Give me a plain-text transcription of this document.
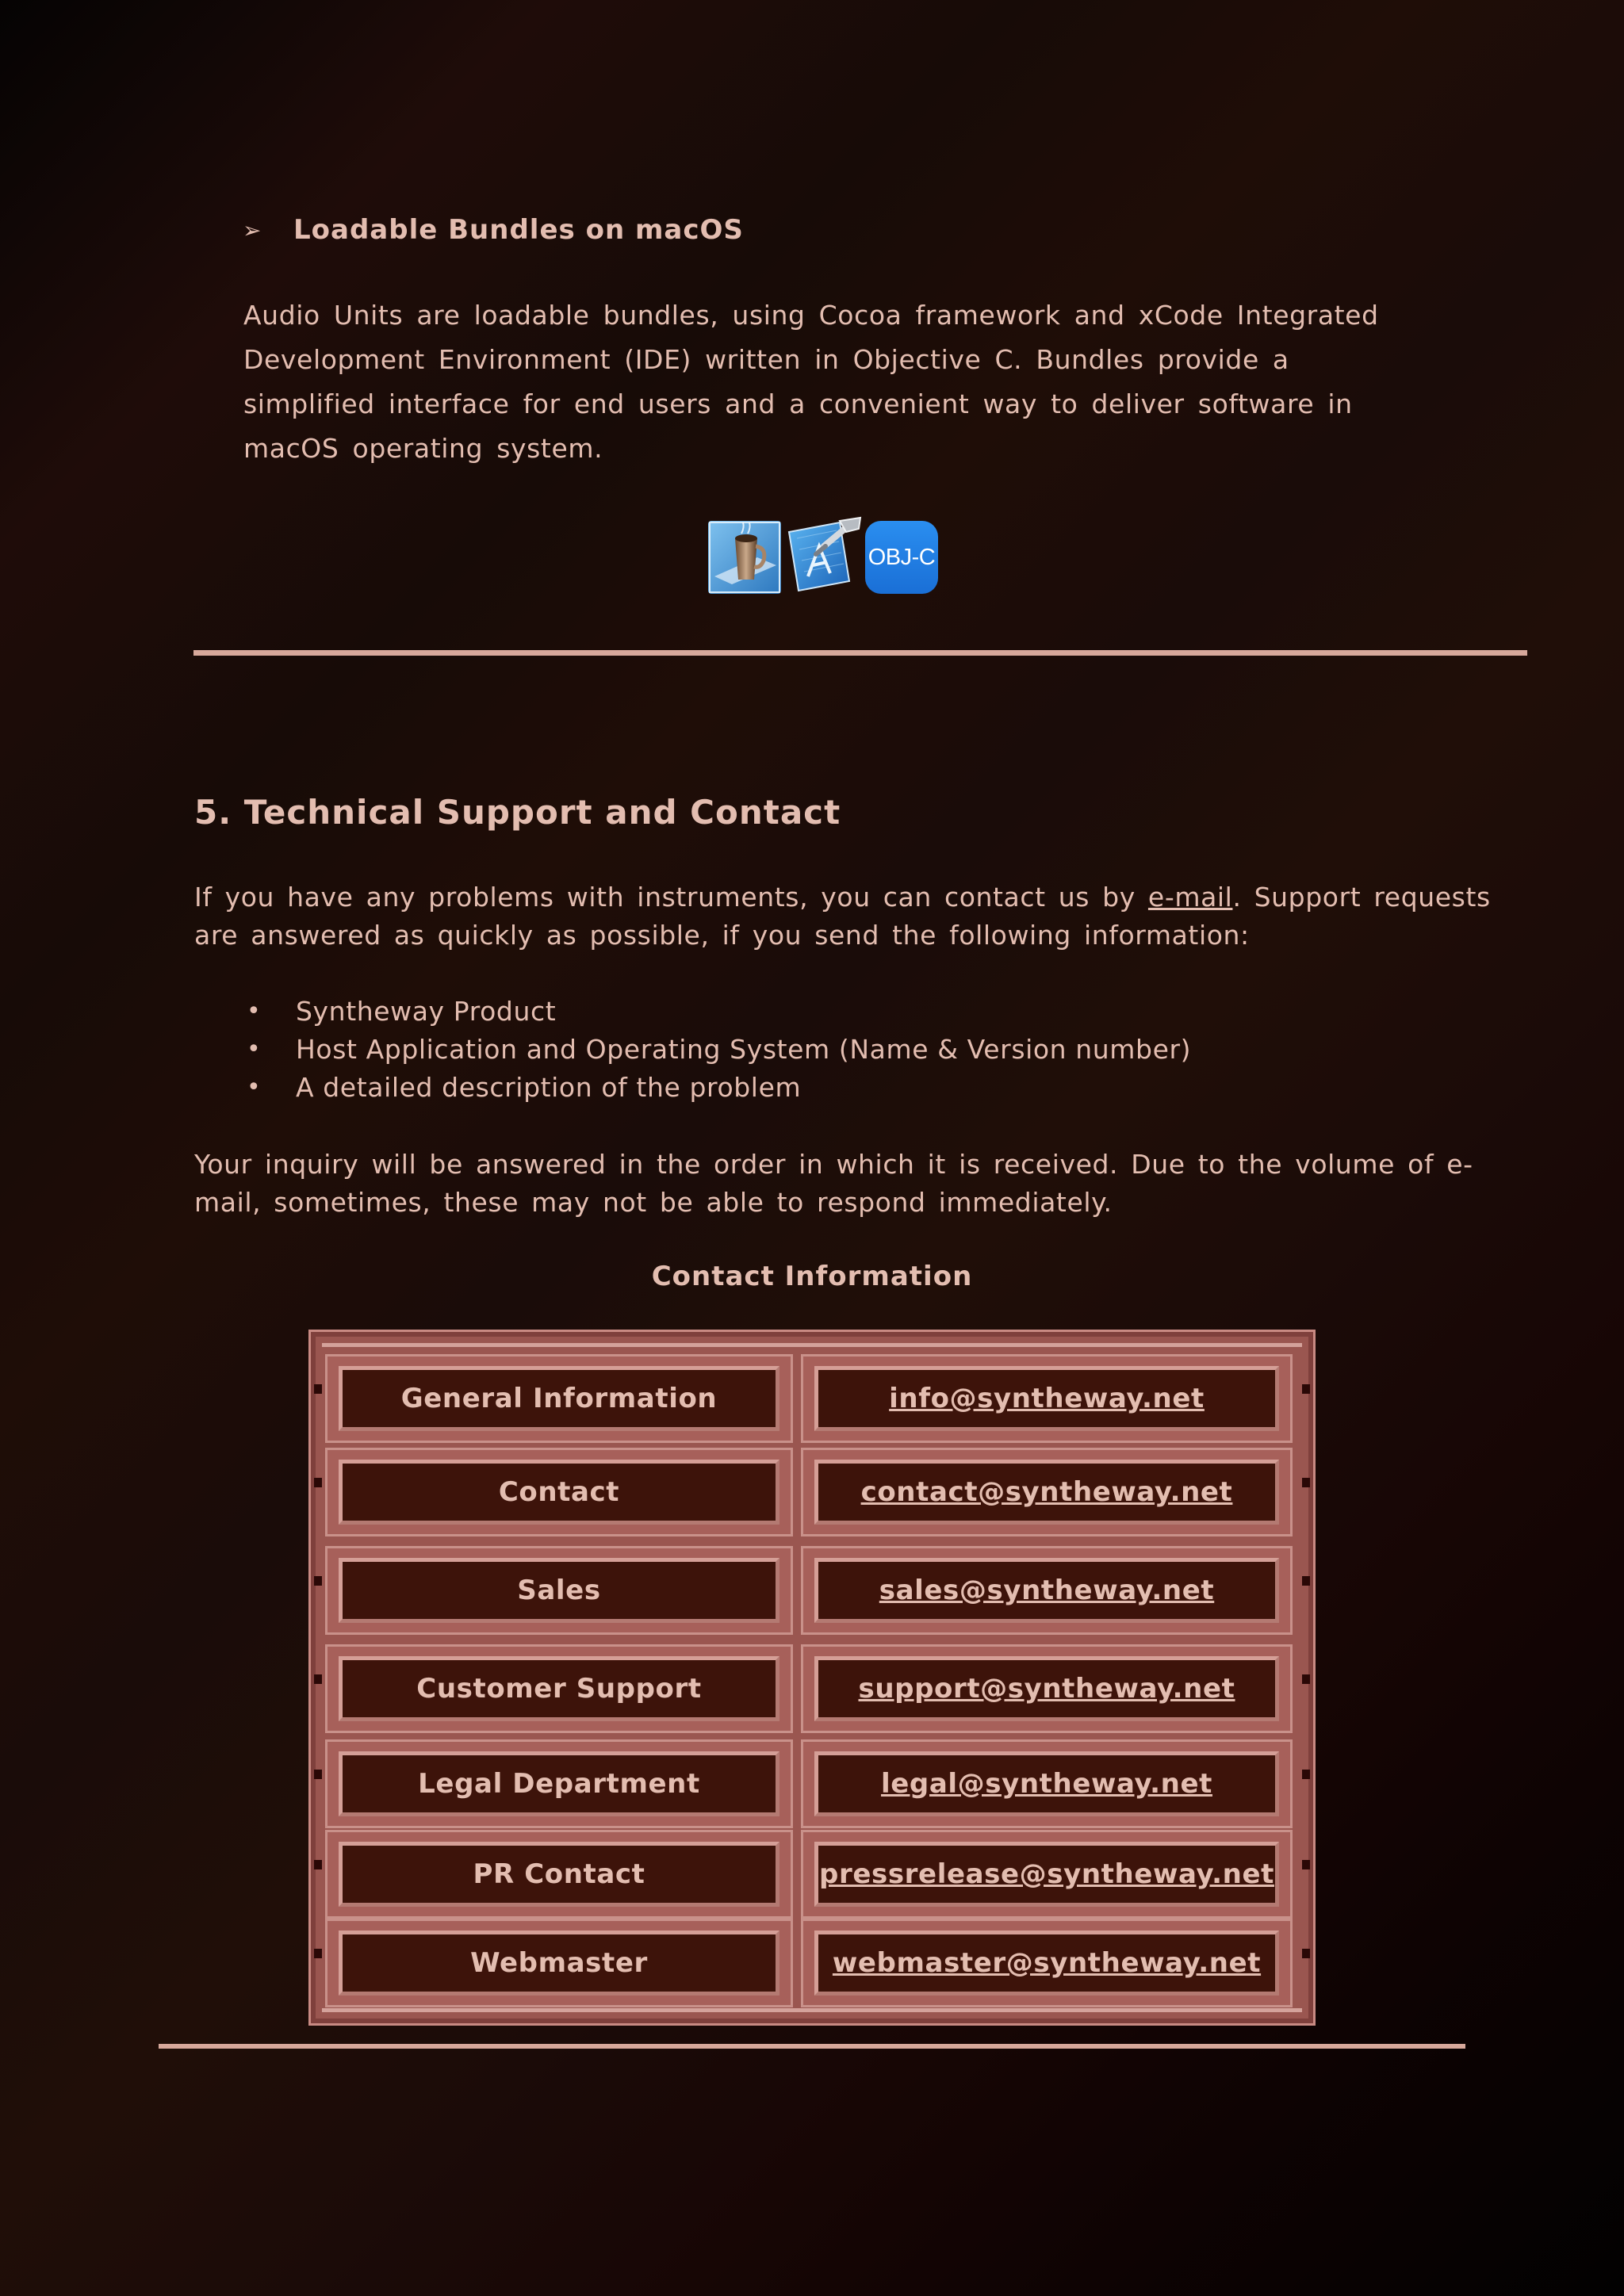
➢ Loadable Bundles on macOS

Audio Units are loadable bundles, using Cocoa framework and xCode Integrated Development Environment (IDE) written in Objective C. Bundles provide a simplified interface for end users and a convenient way to deliver software in macOS operating system.

OBJ-C
5. Technical Support and Contact

If you have any problems with instruments, you can contact us by e-mail. Support requests are answered as quickly as possible, if you send the following information:

•	Syntheway Product
•	Host Application and Operating System (Name & Version number)
•	A detailed description of the problem

Your inquiry will be answered in the order in which it is received. Due to the volume of e-mail, sometimes, these may not be able to respond immediately.

Contact Information
General Information	info@syntheway.net
Contact	contact@syntheway.net
Sales	sales@syntheway.net
Customer Support	support@syntheway.net
Legal Department	legal@syntheway.net
PR Contact	pressrelease@syntheway.net
Webmaster	webmaster@syntheway.net
